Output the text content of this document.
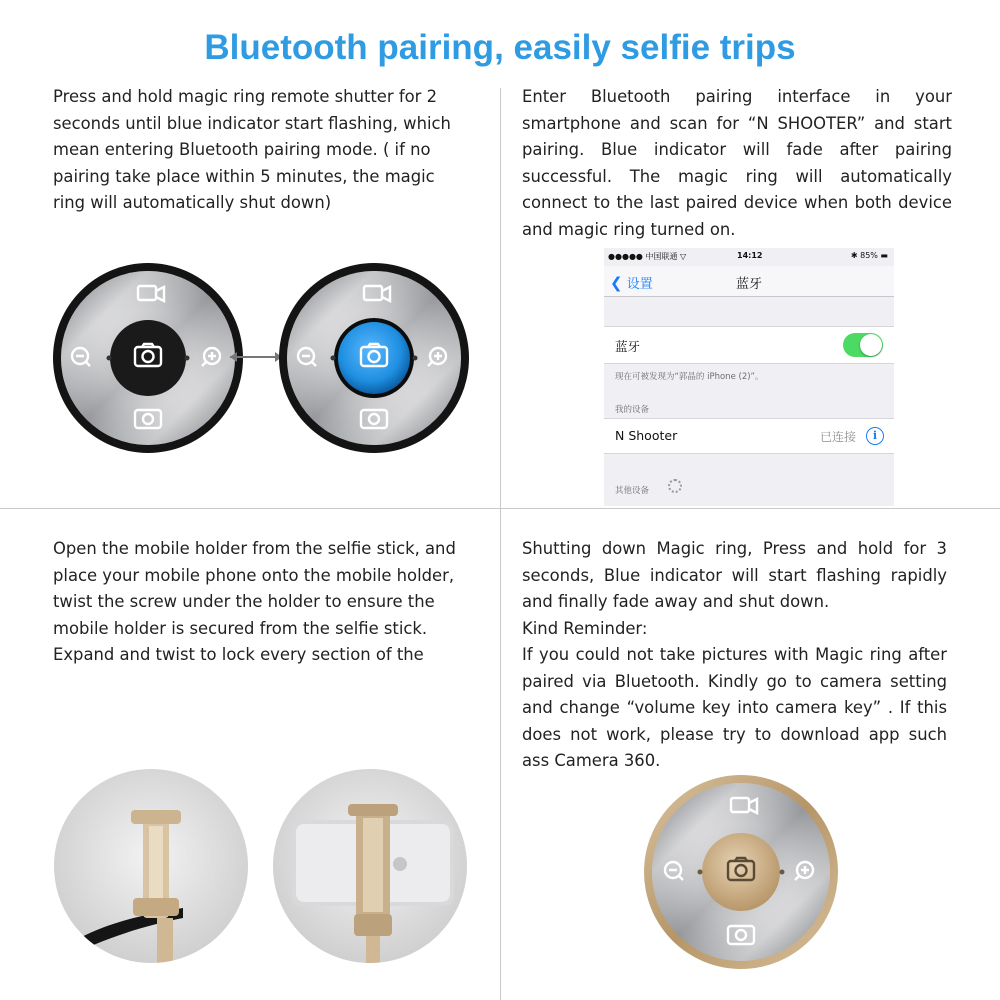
Bluetooth pairing, easily selfie trips
Press and hold magic ring remote shutter for 2 seconds until blue indicator start flashing, which mean entering Bluetooth pairing mode. ( if no pairing take place within 5 minutes, the magic ring will automatically shut down)
Enter Bluetooth pairing interface in your smartphone and scan for “N SHOOTER” and start pairing. Blue indicator will fade after pairing successful. The magic ring will automatically connect to the last paired device when both device and magic ring turned on.
●●●●● 中国联通 ▽	14:12	✱ 85% ▬
❮ 设置	蓝牙
蓝牙
现在可被发现为“郭晶的 iPhone (2)”。
我的设备
N Shooter	已连接	i
其他设备

Open the mobile holder from the selfie stick, and place your mobile phone onto the mobile holder, twist the screw under the holder to ensure the mobile holder is secured from the selfie stick.

Expand and twist to lock every section of the

Shutting down Magic ring, Press and hold for 3 seconds, Blue indicator will start flashing rapidly and finally fade away and shut down.

Kind Reminder:

If you could not take pictures with Magic ring after paired via Bluetooth. Kindly go to camera setting and change “volume key into camera key” . If this does not work, please try to download app such ass Camera 360.
